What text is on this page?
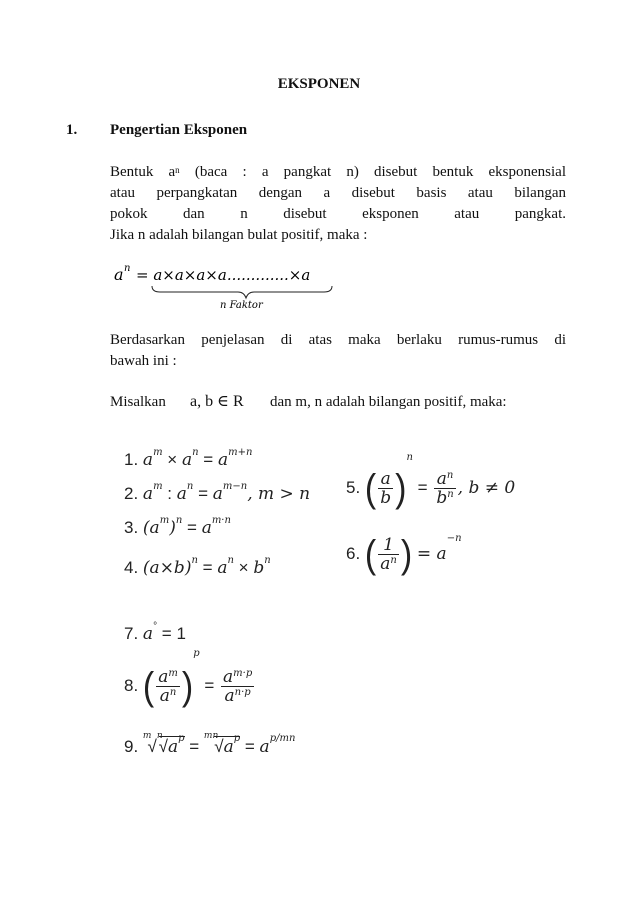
EKSPONEN
1. Pengertian Eksponen
Bentuk $a^n$ (baca : a pangkat n) disebut bentuk eksponensial
atau perpangkatan dengan a disebut basis atau bilangan
pokok dan n disebut eksponen atau pangkat.
Jika n adalah bilangan bulat positif, maka :
a n = a×a×a×a.............×a
n Faktor
Berdasarkan penjelasan di atas maka berlaku rumus-rumus di
bawah ini :
Misalkan a, b ∈ R dan m, n adalah bilangan positif, maka:
1. $a^m \times a^n = a^{m+n}$
2. $a^m$ : $a^n = a^{m-n}$, m > n
3. $(a^m)^n = a^{m\cdot n}$
4. $(a\times b)^n = a^n \times b^n$
5. ( $\frac{a}{b} )^n = \frac{a^n}{b^n}$ , b ≠ 0
6. ( $\frac{1}{a^n}$ ) = $a^{-n}$
7. a° = 1
8. ( $\frac{a^m}{a^n} )^p = \frac{a^{m\cdot p}}{a^{n\cdot p}}$
9. $^m√^n√a^p = ^{mn}√a^p = a^{p/mn}$
